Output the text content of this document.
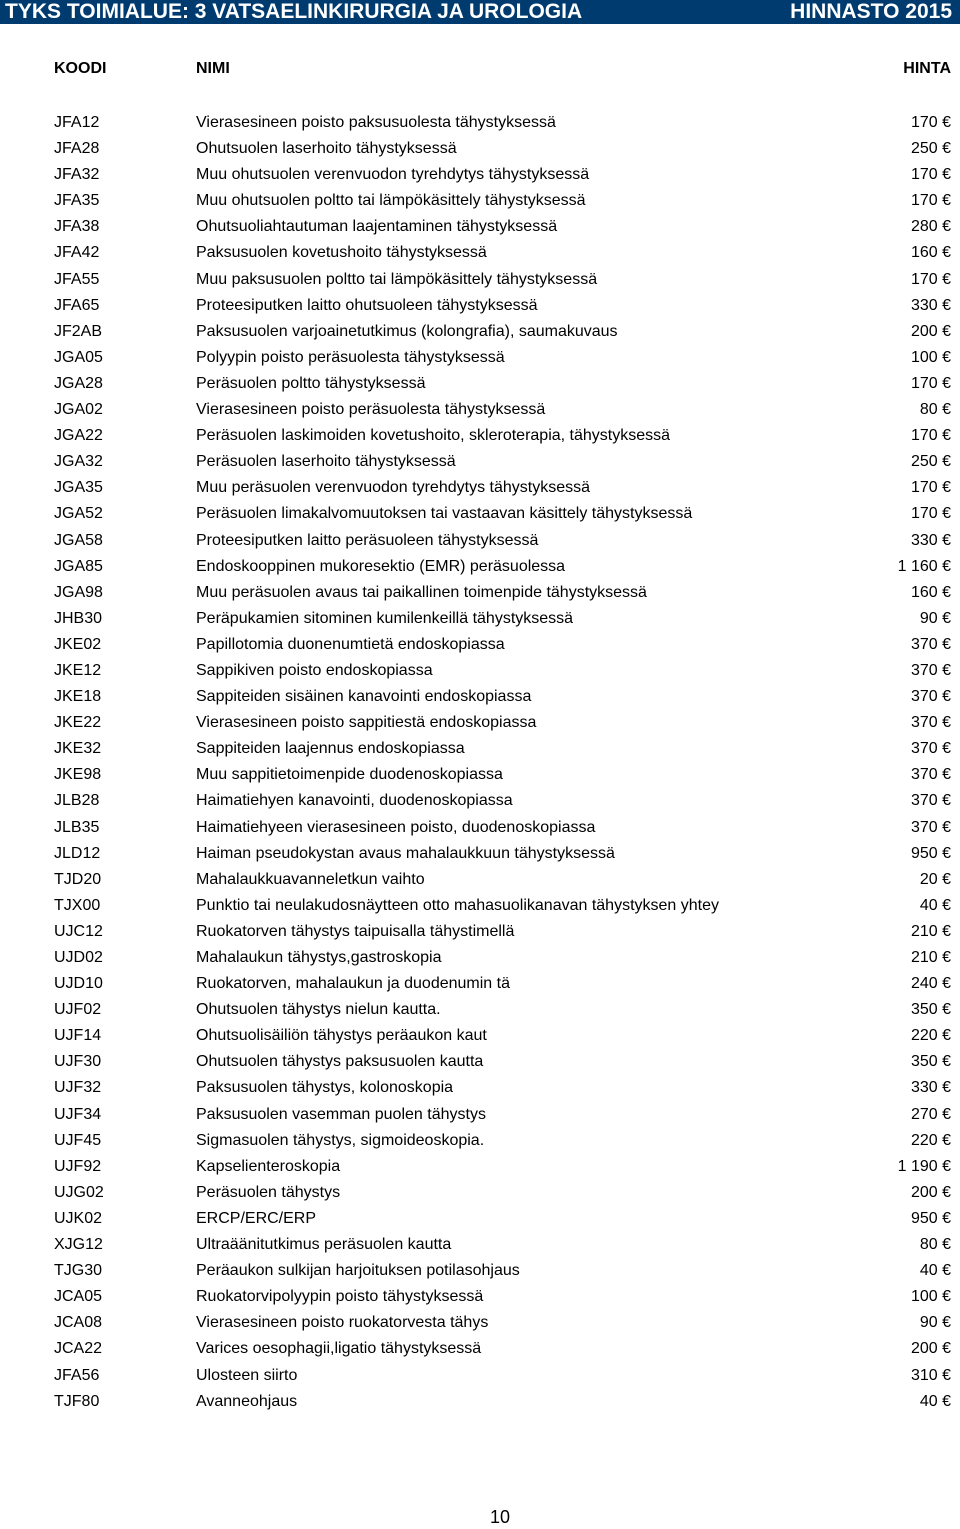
TYKS TOIMIALUE: 3 VATSAELINKIRURGIA JA UROLOGIA	HINNASTO 2015
KOODI	NIMI	HINTA
JFA12	Vierasesineen poisto paksusuolesta tähystyksessä	170 €
JFA28	Ohutsuolen laserhoito tähystyksessä	250 €
JFA32	Muu ohutsuolen verenvuodon tyrehdytys tähystyksessä	170 €
JFA35	Muu ohutsuolen poltto tai lämpökäsittely tähystyksessä	170 €
JFA38	Ohutsuoliahtautuman laajentaminen tähystyksessä	280 €
JFA42	Paksusuolen kovetushoito tähystyksessä	160 €
JFA55	Muu paksusuolen poltto tai lämpökäsittely tähystyksessä	170 €
JFA65	Proteesiputken laitto ohutsuoleen tähystyksessä	330 €
JF2AB	Paksusuolen varjoainetutkimus (kolongrafia), saumakuvaus	200 €
JGA05	Polyypin poisto peräsuolesta tähystyksessä	100 €
JGA28	Peräsuolen poltto tähystyksessä	170 €
JGA02	Vierasesineen poisto peräsuolesta tähystyksessä	80 €
JGA22	Peräsuolen laskimoiden kovetushoito, skleroterapia, tähystyksessä	170 €
JGA32	Peräsuolen laserhoito tähystyksessä	250 €
JGA35	Muu peräsuolen verenvuodon tyrehdytys tähystyksessä	170 €
JGA52	Peräsuolen limakalvomuutoksen tai vastaavan käsittely tähystyksessä	170 €
JGA58	Proteesiputken laitto peräsuoleen tähystyksessä	330 €
JGA85	Endoskooppinen mukoresektio (EMR) peräsuolessa	1 160 €
JGA98	Muu peräsuolen avaus tai paikallinen toimenpide tähystyksessä	160 €
JHB30	Peräpukamien sitominen kumilenkeillä tähystyksessä	90 €
JKE02	Papillotomia duonenumtietä endoskopiassa	370 €
JKE12	Sappikiven poisto endoskopiassa	370 €
JKE18	Sappiteiden sisäinen kanavointi endoskopiassa	370 €
JKE22	Vierasesineen poisto sappitiestä endoskopiassa	370 €
JKE32	Sappiteiden laajennus endoskopiassa	370 €
JKE98	Muu sappitietoimenpide duodenoskopiassa	370 €
JLB28	Haimatiehyen kanavointi, duodenoskopiassa	370 €
JLB35	Haimatiehyeen vierasesineen poisto, duodenoskopiassa	370 €
JLD12	Haiman pseudokystan avaus mahalaukkuun tähystyksessä	950 €
TJD20	Mahalaukkuavanneletkun vaihto	20 €
TJX00	Punktio tai neulakudosnäytteen otto mahasuolikanavan tähystyksen yhtey	40 €
UJC12	Ruokatorven tähystys taipuisalla tähystimellä	210 €
UJD02	Mahalaukun tähystys,gastroskopia	210 €
UJD10	Ruokatorven, mahalaukun ja duodenumin tä	240 €
UJF02	Ohutsuolen tähystys nielun kautta.	350 €
UJF14	Ohutsuolisäiliön tähystys peräaukon kaut	220 €
UJF30	Ohutsuolen tähystys paksusuolen kautta	350 €
UJF32	Paksusuolen tähystys, kolonoskopia	330 €
UJF34	Paksusuolen vasemman puolen tähystys	270 €
UJF45	Sigmasuolen tähystys, sigmoideoskopia.	220 €
UJF92	Kapselienteroskopia	1 190 €
UJG02	Peräsuolen tähystys	200 €
UJK02	ERCP/ERC/ERP	950 €
XJG12	Ultraäänitutkimus peräsuolen kautta	80 €
TJG30	Peräaukon sulkijan harjoituksen potilasohjaus	40 €
JCA05	Ruokatorvipolyypin poisto tähystyksessä	100 €
JCA08	Vierasesineen poisto ruokatorvesta tähys	90 €
JCA22	Varices oesophagii,ligatio tähystyksessä	200 €
JFA56	Ulosteen siirto	310 €
TJF80	Avanneohjaus	40 €
10
